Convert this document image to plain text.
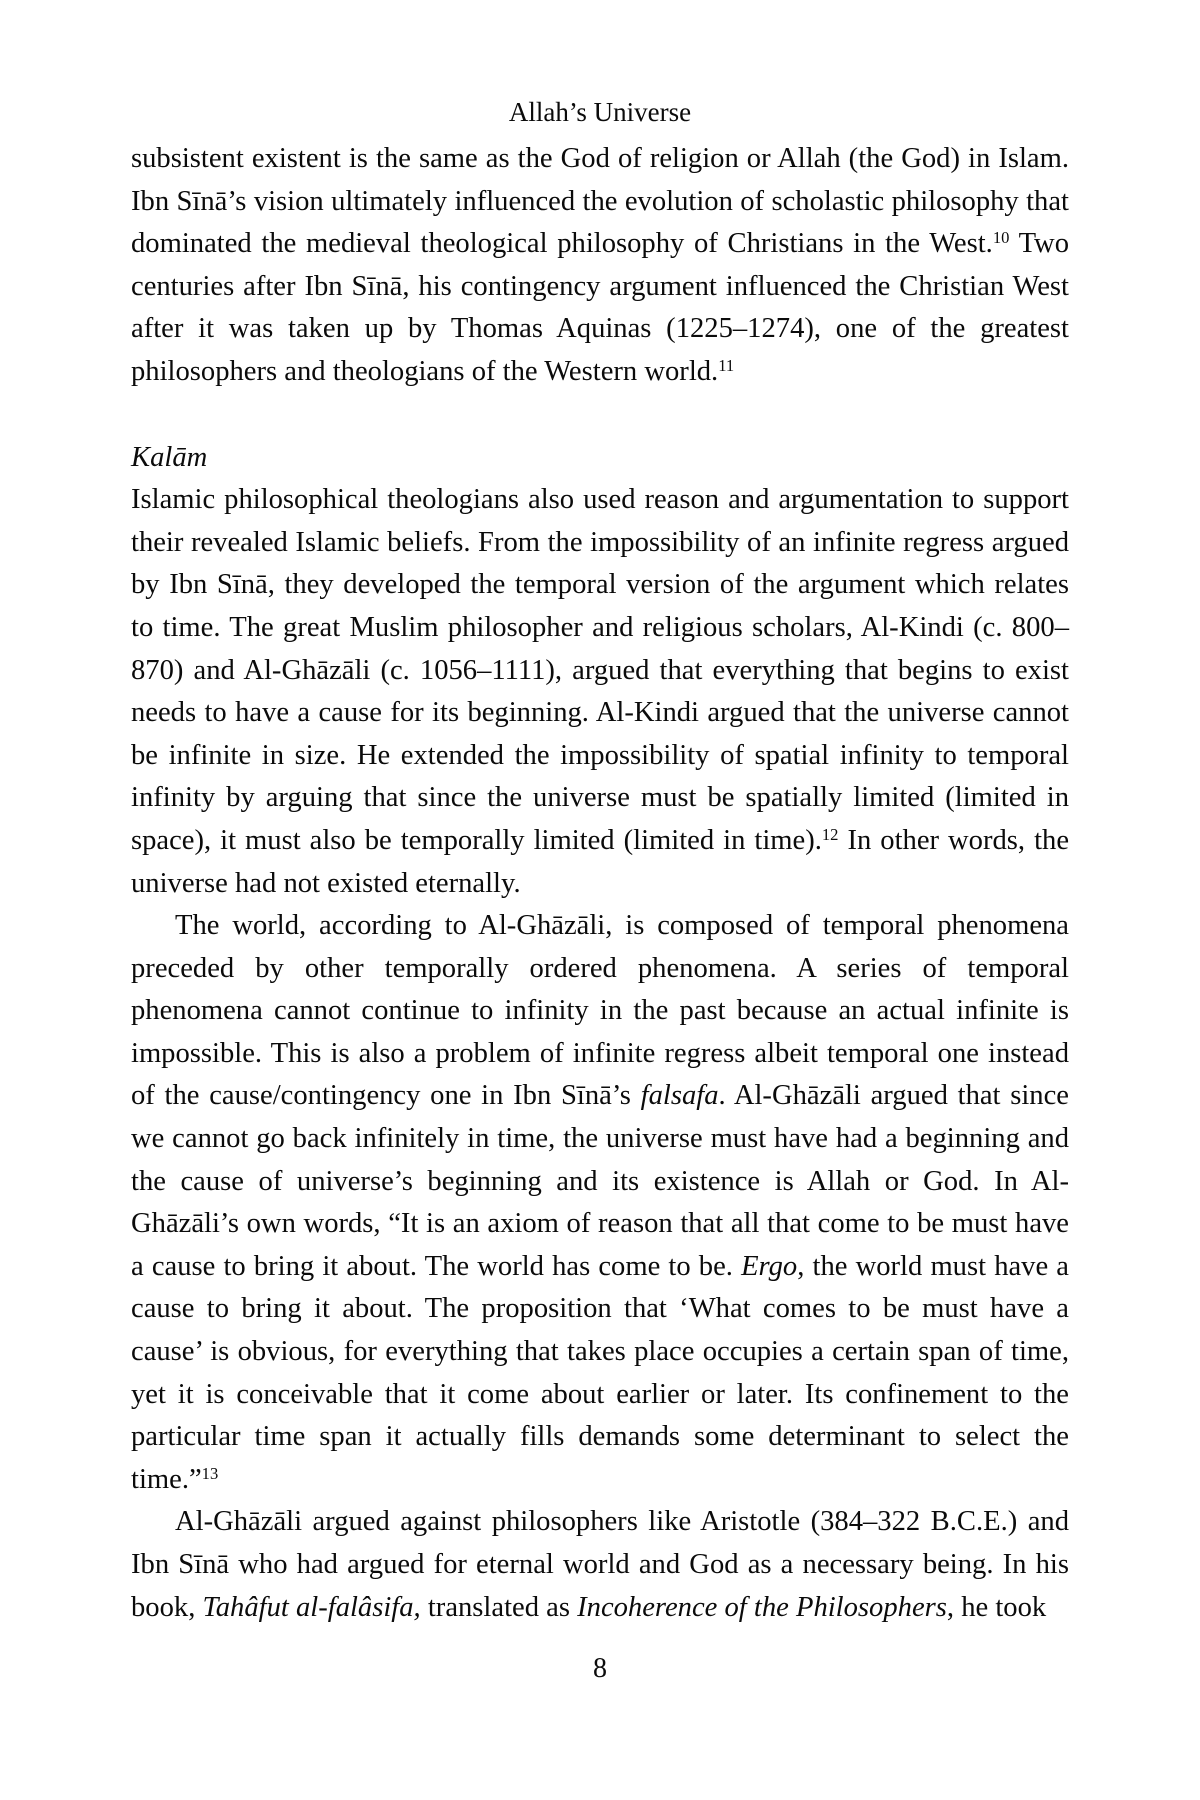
Allah’s Universe

subsistent existent is the same as the God of religion or Allah (the God) in Islam. Ibn Sīnā’s vision ultimately influenced the evolution of scholastic philosophy that dominated the medieval theological philosophy of Christians in the West.$^{10}$ Two centuries after Ibn Sīnā, his contingency argument influenced the Christian West after it was taken up by Thomas Aquinas (1225–1274), one of the greatest philosophers and theologians of the Western world.$^{11}$

Kalām

Islamic philosophical theologians also used reason and argumentation to support their revealed Islamic beliefs. From the impossibility of an infinite regress argued by Ibn Sīnā, they developed the temporal version of the argument which relates to time. The great Muslim philosopher and religious scholars, Al-Kindi (c. 800–870) and Al-Ghāzāli (c. 1056–1111), argued that everything that begins to exist needs to have a cause for its beginning. Al-Kindi argued that the universe cannot be infinite in size. He extended the impossibility of spatial infinity to temporal infinity by arguing that since the universe must be spatially limited (limited in space), it must also be temporally limited (limited in time).$^{12}$ In other words, the universe had not existed eternally.

The world, according to Al-Ghāzāli, is composed of temporal phenomena preceded by other temporally ordered phenomena. A series of temporal phenomena cannot continue to infinity in the past because an actual infinite is impossible. This is also a problem of infinite regress albeit temporal one instead of the cause/contingency one in Ibn Sīnā’s falsafa. Al-Ghāzāli argued that since we cannot go back infinitely in time, the universe must have had a beginning and the cause of universe’s beginning and its existence is Allah or God. In Al-Ghāzāli’s own words, “It is an axiom of reason that all that come to be must have a cause to bring it about. The world has come to be. Ergo, the world must have a cause to bring it about. The proposition that ‘What comes to be must have a cause’ is obvious, for everything that takes place occupies a certain span of time, yet it is conceivable that it come about earlier or later. Its confinement to the particular time span it actually fills demands some determinant to select the time.”$^{13}$

Al-Ghāzāli argued against philosophers like Aristotle (384–322 B.C.E.) and Ibn Sīnā who had argued for eternal world and God as a necessary being. In his book, Tahâfut al-falâsifa, translated as Incoherence of the Philosophers, he took

8
